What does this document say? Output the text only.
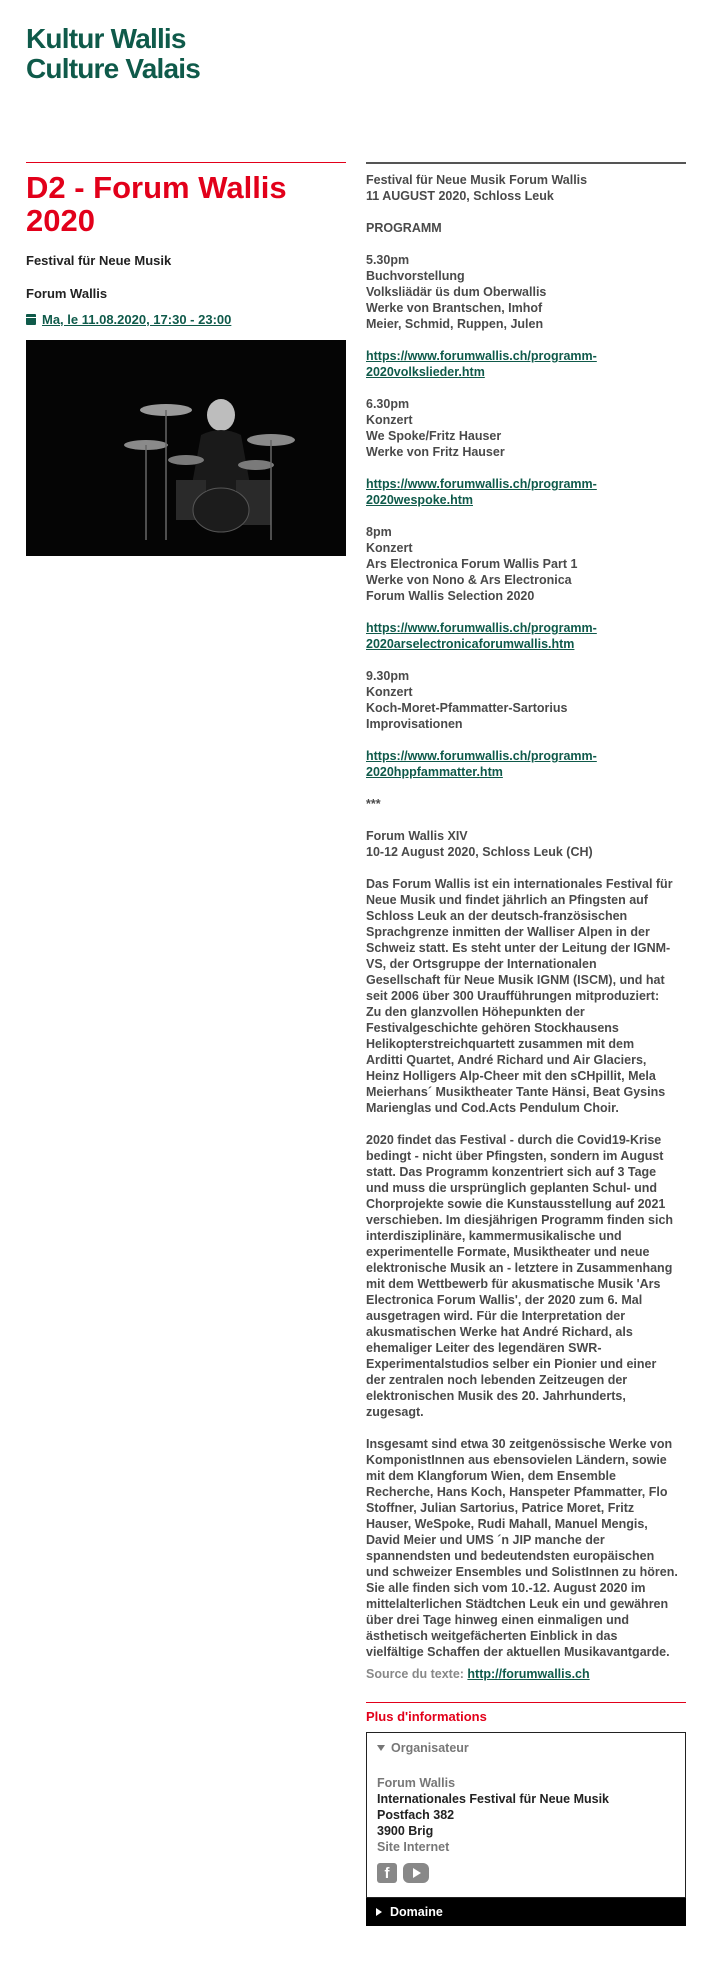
Kultur Wallis
Culture Valais
D2 - Forum Wallis 2020
Festival für Neue Musik
Forum Wallis
Ma, le 11.08.2020, 17:30 - 23:00

Festival für Neue Musik Forum Wallis
11 AUGUST 2020, Schloss Leuk

PROGRAMM

5.30pm
Buchvorstellung
Volksliädär üs dum Oberwallis
Werke von Brantschen, Imhof
Meier, Schmid, Ruppen, Julen

https://www.forumwallis.ch/programm-
2020volkslieder.htm

6.30pm
Konzert
We Spoke/Fritz Hauser
Werke von Fritz Hauser

https://www.forumwallis.ch/programm-
2020wespoke.htm

8pm
Konzert
Ars Electronica Forum Wallis Part 1
Werke von Nono & Ars Electronica
Forum Wallis Selection 2020

https://www.forumwallis.ch/programm-
2020arselectronicaforumwallis.htm

9.30pm
Konzert
Koch-Moret-Pfammatter-Sartorius
Improvisationen

https://www.forumwallis.ch/programm-
2020hppfammatter.htm

***

Forum Wallis XIV
10-12 August 2020, Schloss Leuk (CH)

Das Forum Wallis ist ein internationales Festival für
Neue Musik und findet jährlich an Pfingsten auf
Schloss Leuk an der deutsch-französischen
Sprachgrenze inmitten der Walliser Alpen in der
Schweiz statt. Es steht unter der Leitung der IGNM-
VS, der Ortsgruppe der Internationalen
Gesellschaft für Neue Musik IGNM (ISCM), und hat
seit 2006 über 300 Uraufführungen mitproduziert:
Zu den glanzvollen Höhepunkten der
Festivalgeschichte gehören Stockhausens
Helikopterstreichquartett zusammen mit dem
Arditti Quartet, André Richard und Air Glaciers,
Heinz Holligers Alp-Cheer mit den sCHpillit, Mela
Meierhans´ Musiktheater Tante Hänsi, Beat Gysins
Marienglas und Cod.Acts Pendulum Choir.

2020 findet das Festival - durch die Covid19-Krise
bedingt - nicht über Pfingsten, sondern im August
statt. Das Programm konzentriert sich auf 3 Tage
und muss die ursprünglich geplanten Schul- und
Chorprojekte sowie die Kunstausstellung auf 2021
verschieben. Im diesjährigen Programm finden sich
interdisziplinäre, kammermusikalische und
experimentelle Formate, Musiktheater und neue
elektronische Musik an - letztere in Zusammenhang
mit dem Wettbewerb für akusmatische Musik 'Ars
Electronica Forum Wallis', der 2020 zum 6. Mal
ausgetragen wird. Für die Interpretation der
akusmatischen Werke hat André Richard, als
ehemaliger Leiter des legendären SWR-
Experimentalstudios selber ein Pionier und einer
der zentralen noch lebenden Zeitzeugen der
elektronischen Musik des 20. Jahrhunderts,
zugesagt.

Insgesamt sind etwa 30 zeitgenössische Werke von
KomponistInnen aus ebensovielen Ländern, sowie
mit dem Klangforum Wien, dem Ensemble
Recherche, Hans Koch, Hanspeter Pfammatter, Flo
Stoffner, Julian Sartorius, Patrice Moret, Fritz
Hauser, WeSpoke, Rudi Mahall, Manuel Mengis,
David Meier und UMS ´n JIP manche der
spannendsten und bedeutendsten europäischen
und schweizer Ensembles und SolistInnen zu hören.
Sie alle finden sich vom 10.-12. August 2020 im
mittelalterlichen Städtchen Leuk ein und gewähren
über drei Tage hinweg einen einmaligen und
ästhetisch weitgefächerten Einblick in das
vielfältige Schaffen der aktuellen Musikavantgarde.

Source du texte: http://forumwallis.ch
Plus d'informations
Organisateur
Forum Wallis
Internationales Festival für Neue Musik
Postfach 382
3900 Brig
Site Internet
f
Domaine
